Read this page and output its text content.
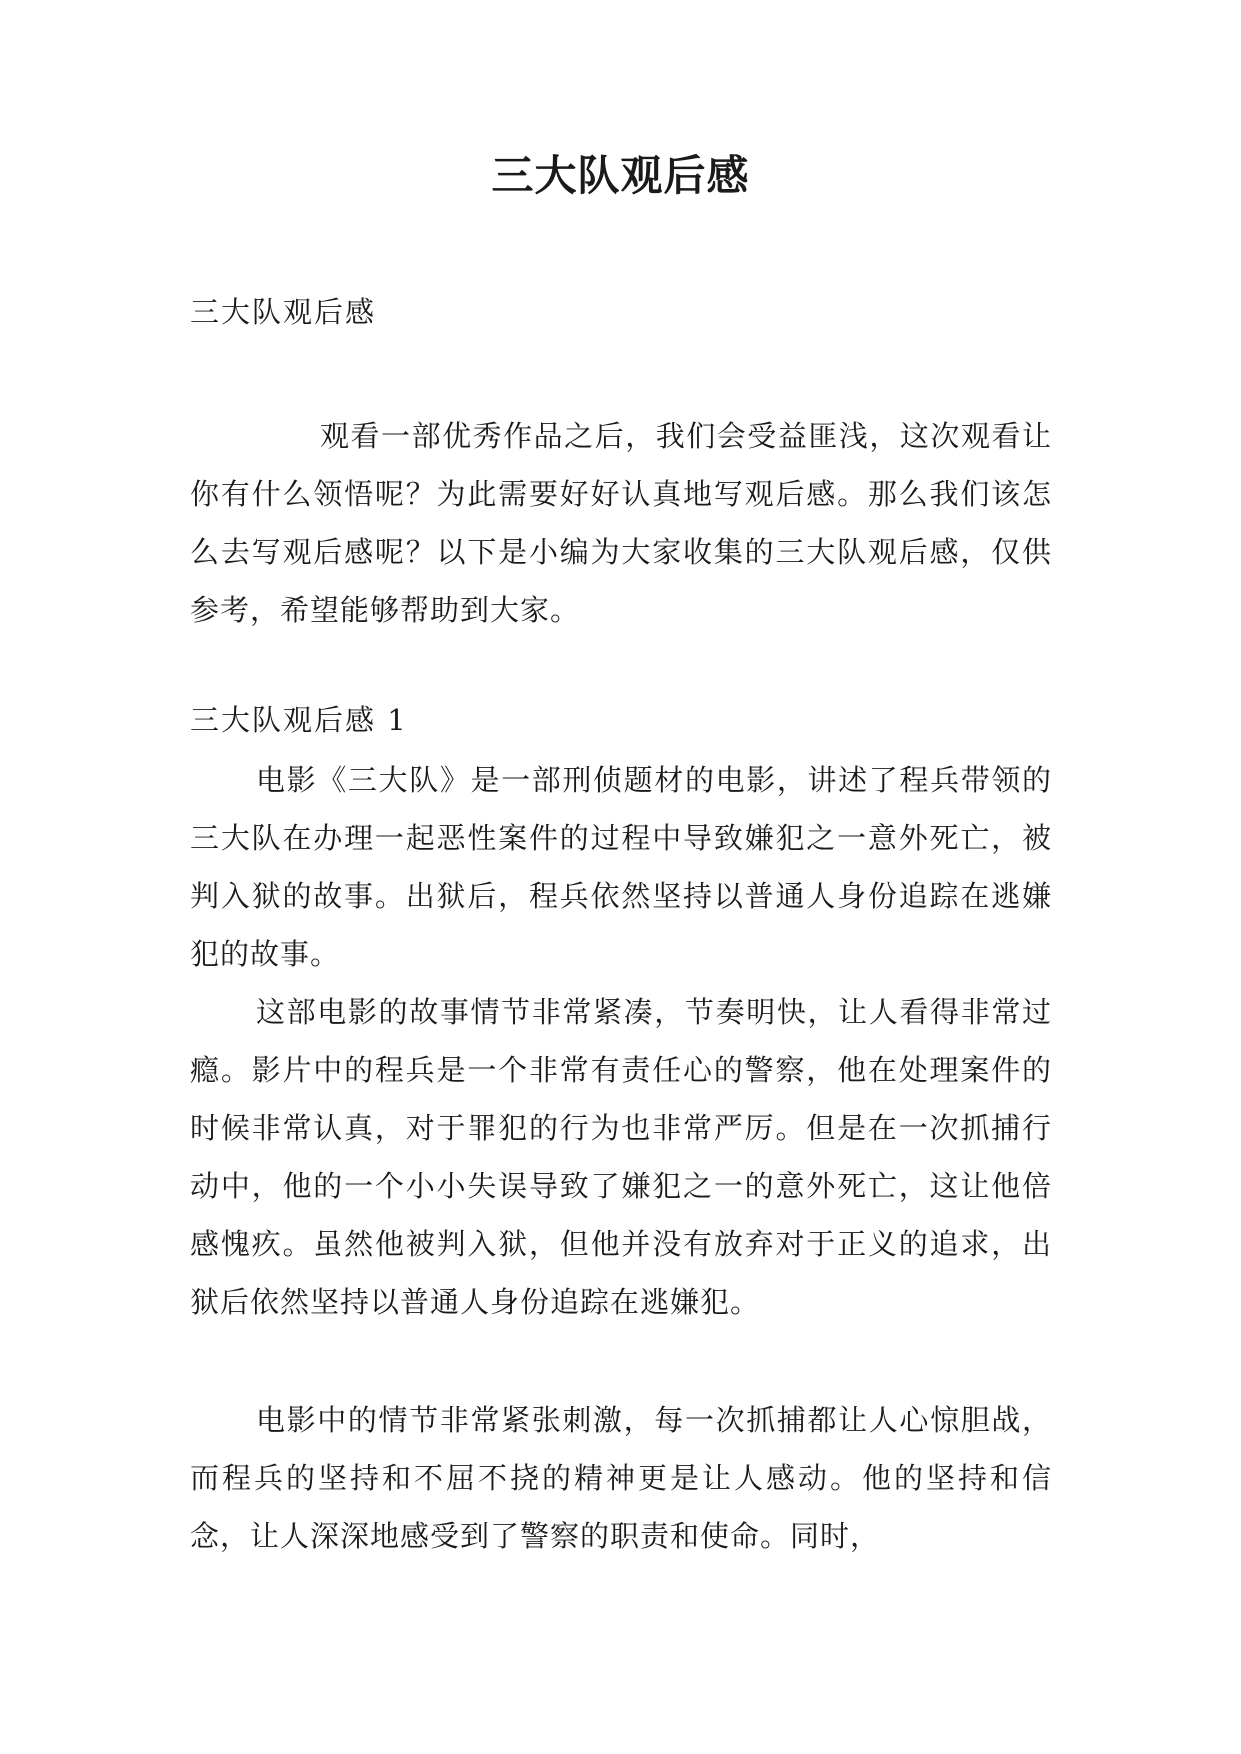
三大队观后感

三大队观后感

观看一部优秀作品之后，我们会受益匪浅，这次观看让你有什么领悟呢？为此需要好好认真地写观后感。那么我们该怎么去写观后感呢？以下是小编为大家收集的三大队观后感，仅供参考，希望能够帮助到大家。

三大队观后感 1

电影《三大队》是一部刑侦题材的电影，讲述了程兵带领的三大队在办理一起恶性案件的过程中导致嫌犯之一意外死亡，被判入狱的故事。出狱后，程兵依然坚持以普通人身份追踪在逃嫌犯的故事。

这部电影的故事情节非常紧凑，节奏明快，让人看得非常过瘾。影片中的程兵是一个非常有责任心的警察，他在处理案件的时候非常认真，对于罪犯的行为也非常严厉。但是在一次抓捕行动中，他的一个小小失误导致了嫌犯之一的意外死亡，这让他倍感愧疚。虽然他被判入狱，但他并没有放弃对于正义的追求，出狱后依然坚持以普通人身份追踪在逃嫌犯。

电影中的情节非常紧张刺激，每一次抓捕都让人心惊胆战，而程兵的坚持和不屈不挠的精神更是让人感动。他的坚持和信念，让人深深地感受到了警察的职责和使命。同时，
